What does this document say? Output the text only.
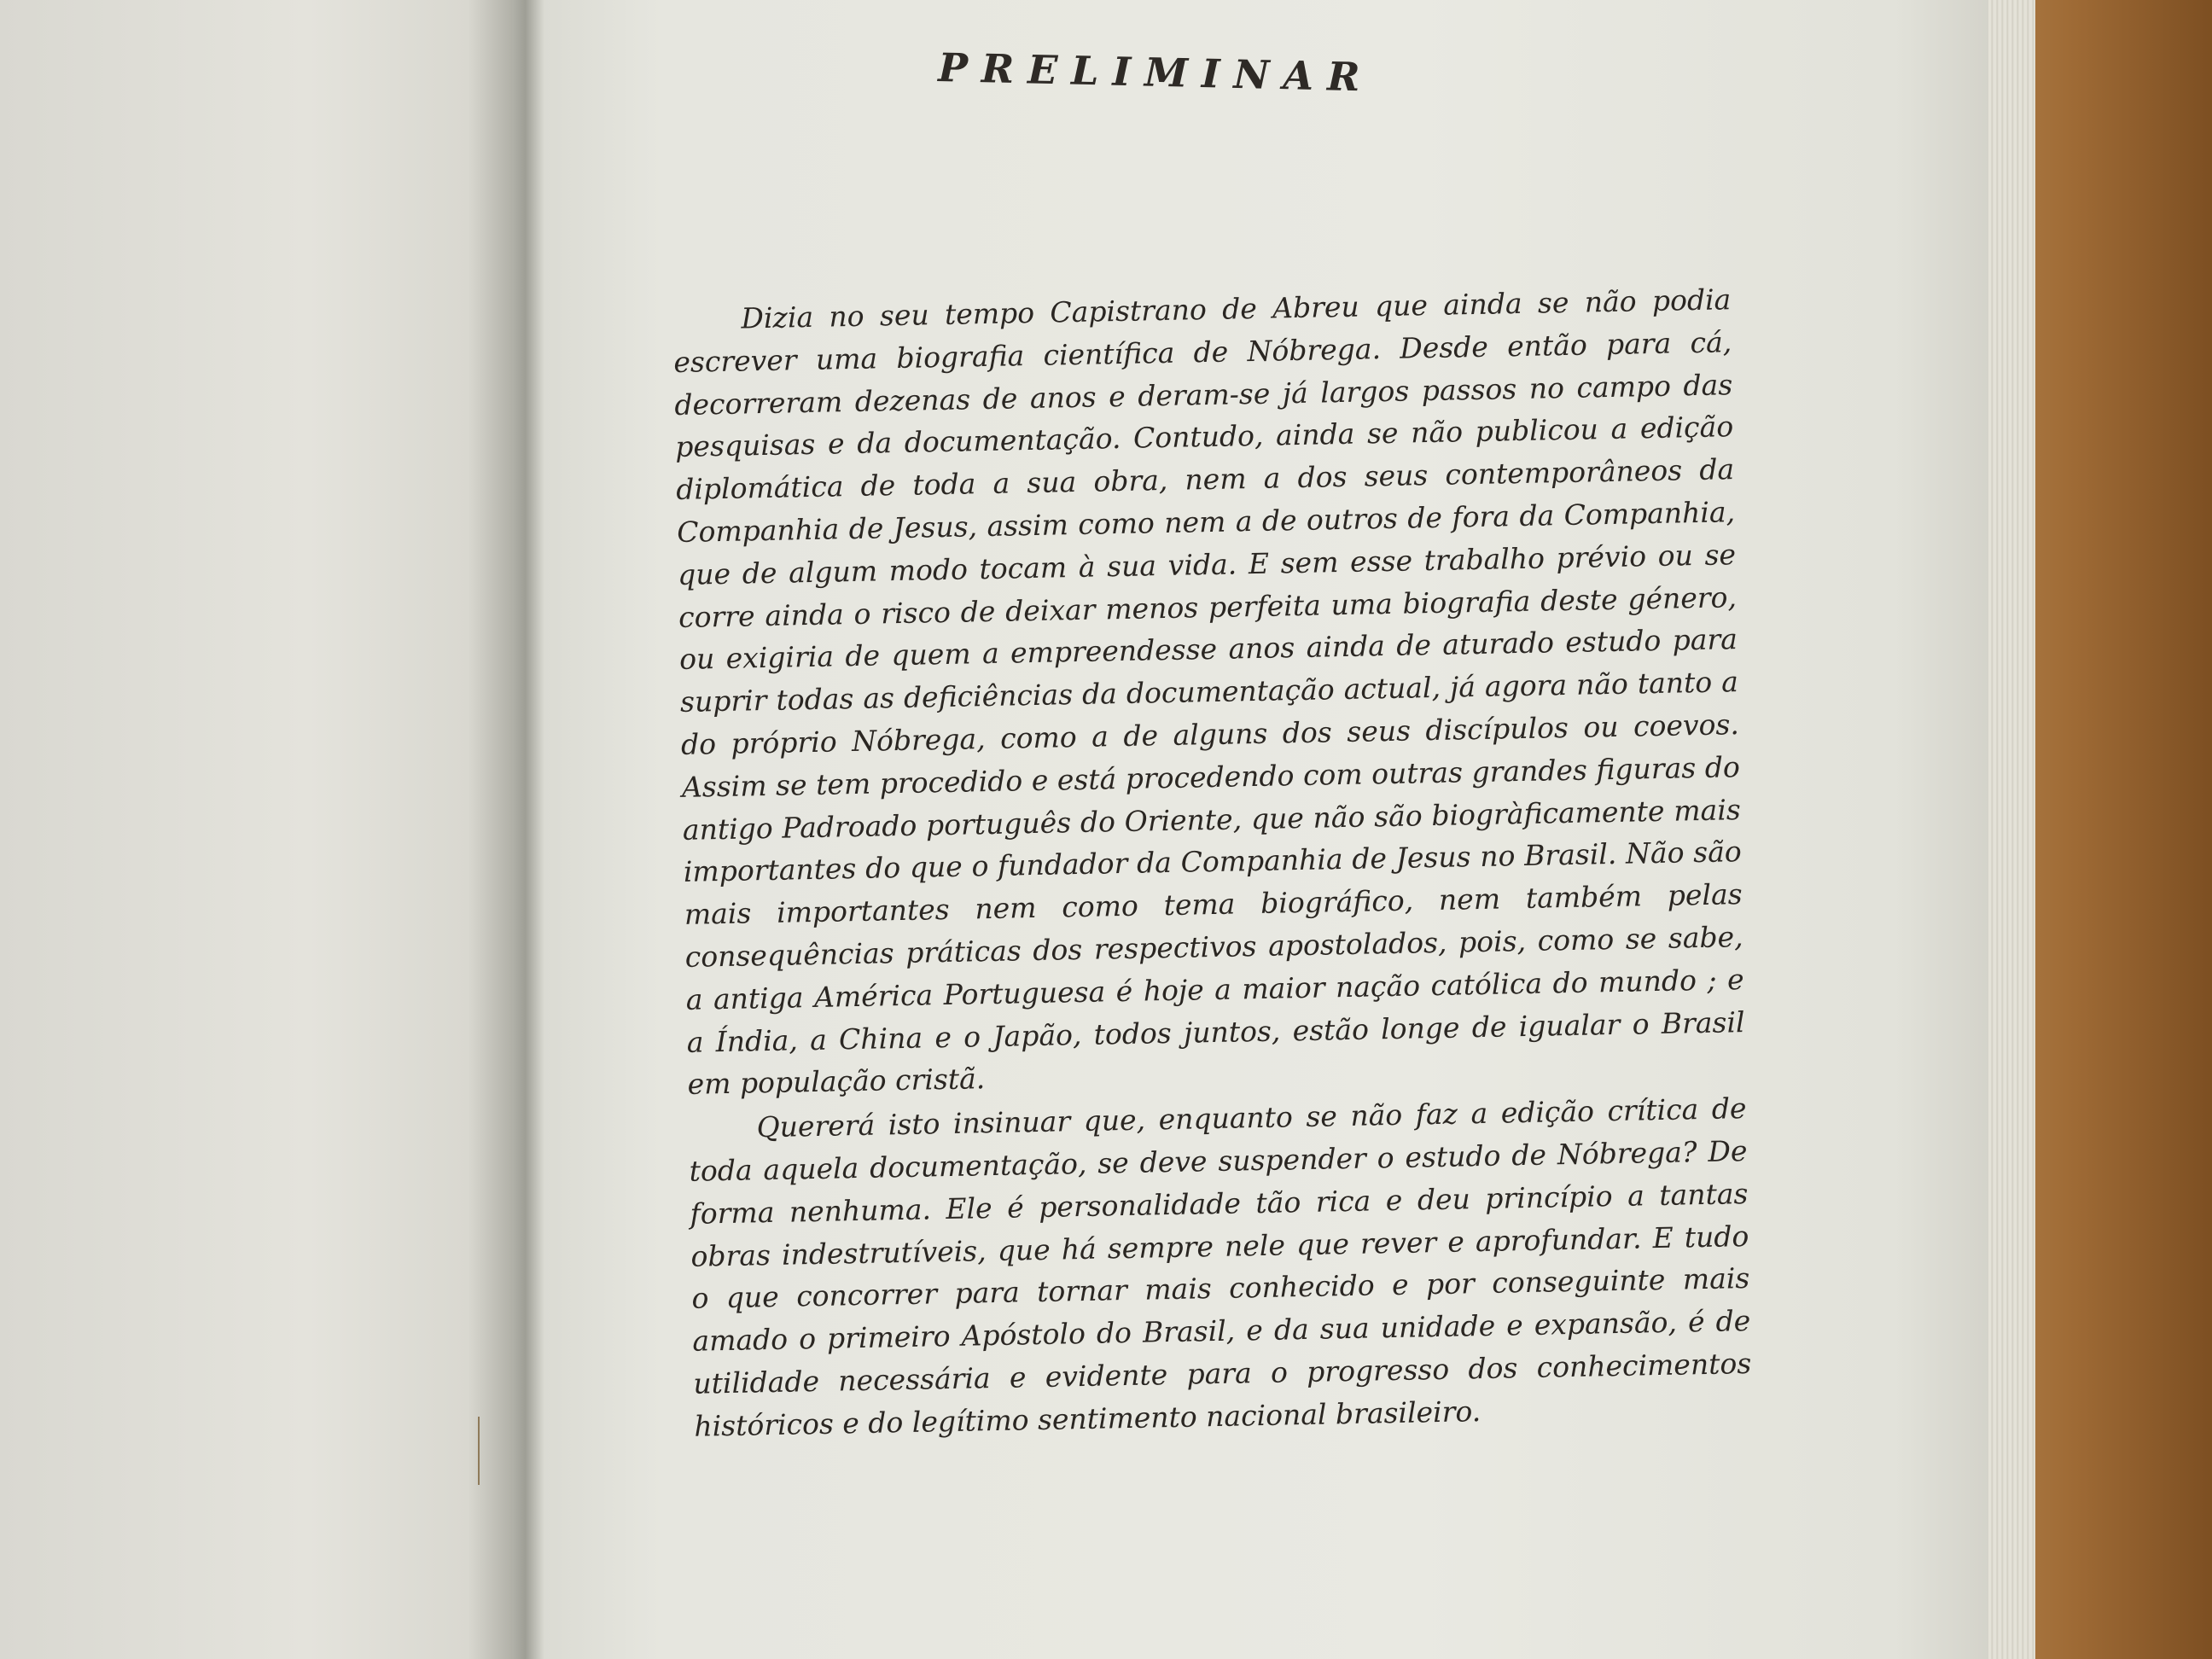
PRELIMINAR

Dizia no seu tempo Capistrano de Abreu que ainda se não podia escrever uma biografia científica de Nóbrega. Desde então para cá, decorreram dezenas de anos e deram-se já largos passos no campo das pesquisas e da documentação. Contudo, ainda se não publicou a edição diplomática de toda a sua obra, nem a dos seus contemporâneos da Companhia de Jesus, assim como nem a de outros de fora da Companhia, que de algum modo tocam à sua vida. E sem esse trabalho prévio ou se corre ainda o risco de deixar menos perfeita uma biografia deste género, ou exigiria de quem a empreendesse anos ainda de aturado estudo para suprir todas as deficiências da documentação actual, já agora não tanto a do próprio Nóbrega, como a de alguns dos seus discípulos ou coevos. Assim se tem procedido e está procedendo com outras grandes figuras do antigo Padroado português do Oriente, que não são biogràficamente mais importantes do que o fundador da Companhia de Jesus no Brasil. Não são mais importantes nem como tema biográfico, nem também pelas consequências práticas dos respectivos apostolados, pois, como se sabe, a antiga América Portuguesa é hoje a maior nação católica do mundo ; e a Índia, a China e o Japão, todos juntos, estão longe de igualar o Brasil em população cristã.

Quererá isto insinuar que, enquanto se não faz a edição crítica de toda aquela documentação, se deve suspender o estudo de Nóbrega? De forma nenhuma. Ele é personalidade tão rica e deu princípio a tantas obras indestrutíveis, que há sempre nele que rever e aprofundar. E tudo o que concorrer para tornar mais conhecido e por conseguinte mais amado o primeiro Apóstolo do Brasil, e da sua unidade e expansão, é de utilidade necessária e evidente para o progresso dos conhecimentos históricos e do legítimo sentimento nacional brasileiro.
